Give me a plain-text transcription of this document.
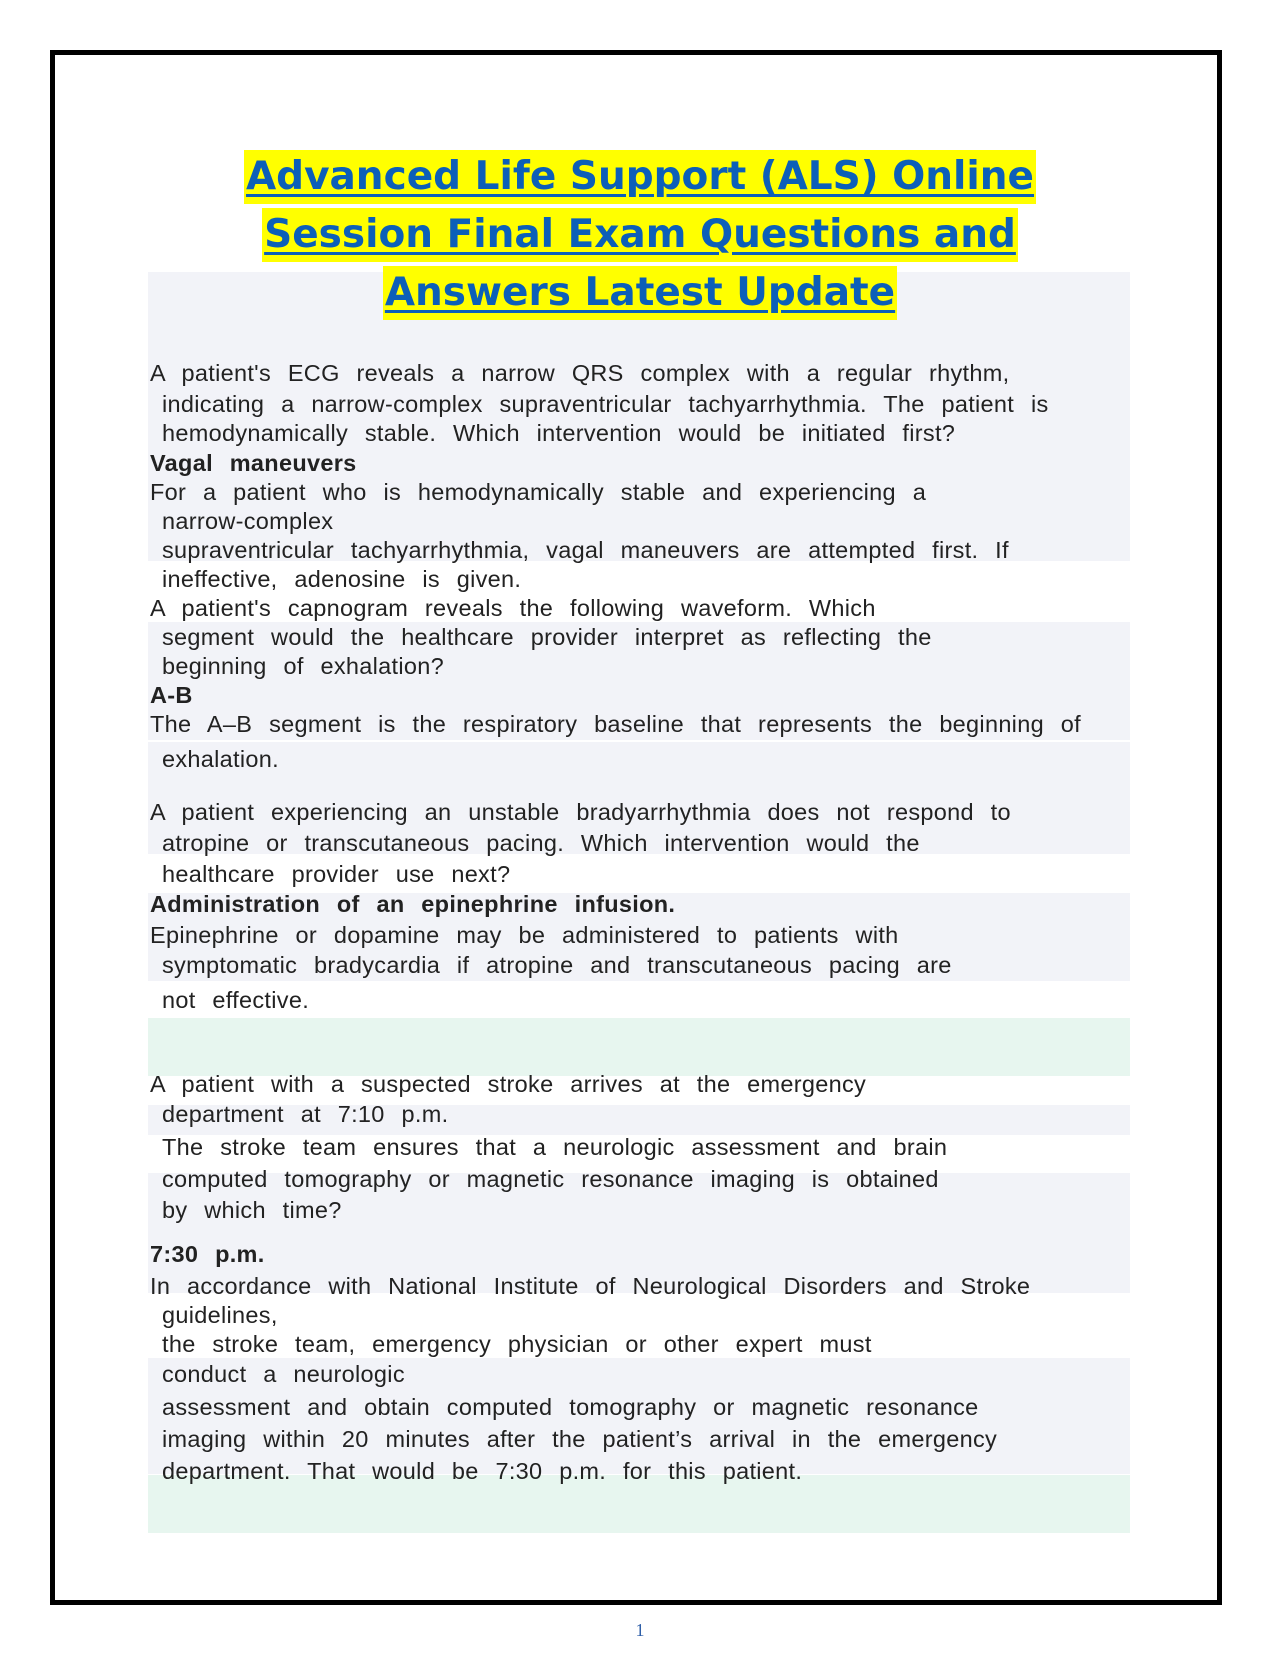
Advanced Life Support (ALS) Online
Session Final Exam Questions and
Answers Latest Update

A patient's ECG reveals a narrow QRS complex with a regular rhythm,

indicating a narrow-complex supraventricular tachyarrhythmia. The patient is

hemodynamically stable. Which intervention would be initiated first?

Vagal maneuvers

For a patient who is hemodynamically stable and experiencing a

narrow-complex

supraventricular tachyarrhythmia, vagal maneuvers are attempted first. If

ineffective, adenosine is given.

A patient's capnogram reveals the following waveform. Which

segment would the healthcare provider interpret as reflecting the

beginning of exhalation?

A-B

The A–B segment is the respiratory baseline that represents the beginning of

exhalation.

A patient experiencing an unstable bradyarrhythmia does not respond to

atropine or transcutaneous pacing. Which intervention would the

healthcare provider use next?

Administration of an epinephrine infusion.

Epinephrine or dopamine may be administered to patients with

symptomatic bradycardia if atropine and transcutaneous pacing are

not effective.

A patient with a suspected stroke arrives at the emergency

department at 7:10 p.m.

The stroke team ensures that a neurologic assessment and brain

computed tomography or magnetic resonance imaging is obtained

by which time?

7:30 p.m.

In accordance with National Institute of Neurological Disorders and Stroke

guidelines,

the stroke team, emergency physician or other expert must

conduct a neurologic

assessment and obtain computed tomography or magnetic resonance

imaging within 20 minutes after the patient’s arrival in the emergency

department. That would be 7:30 p.m. for this patient.

1
